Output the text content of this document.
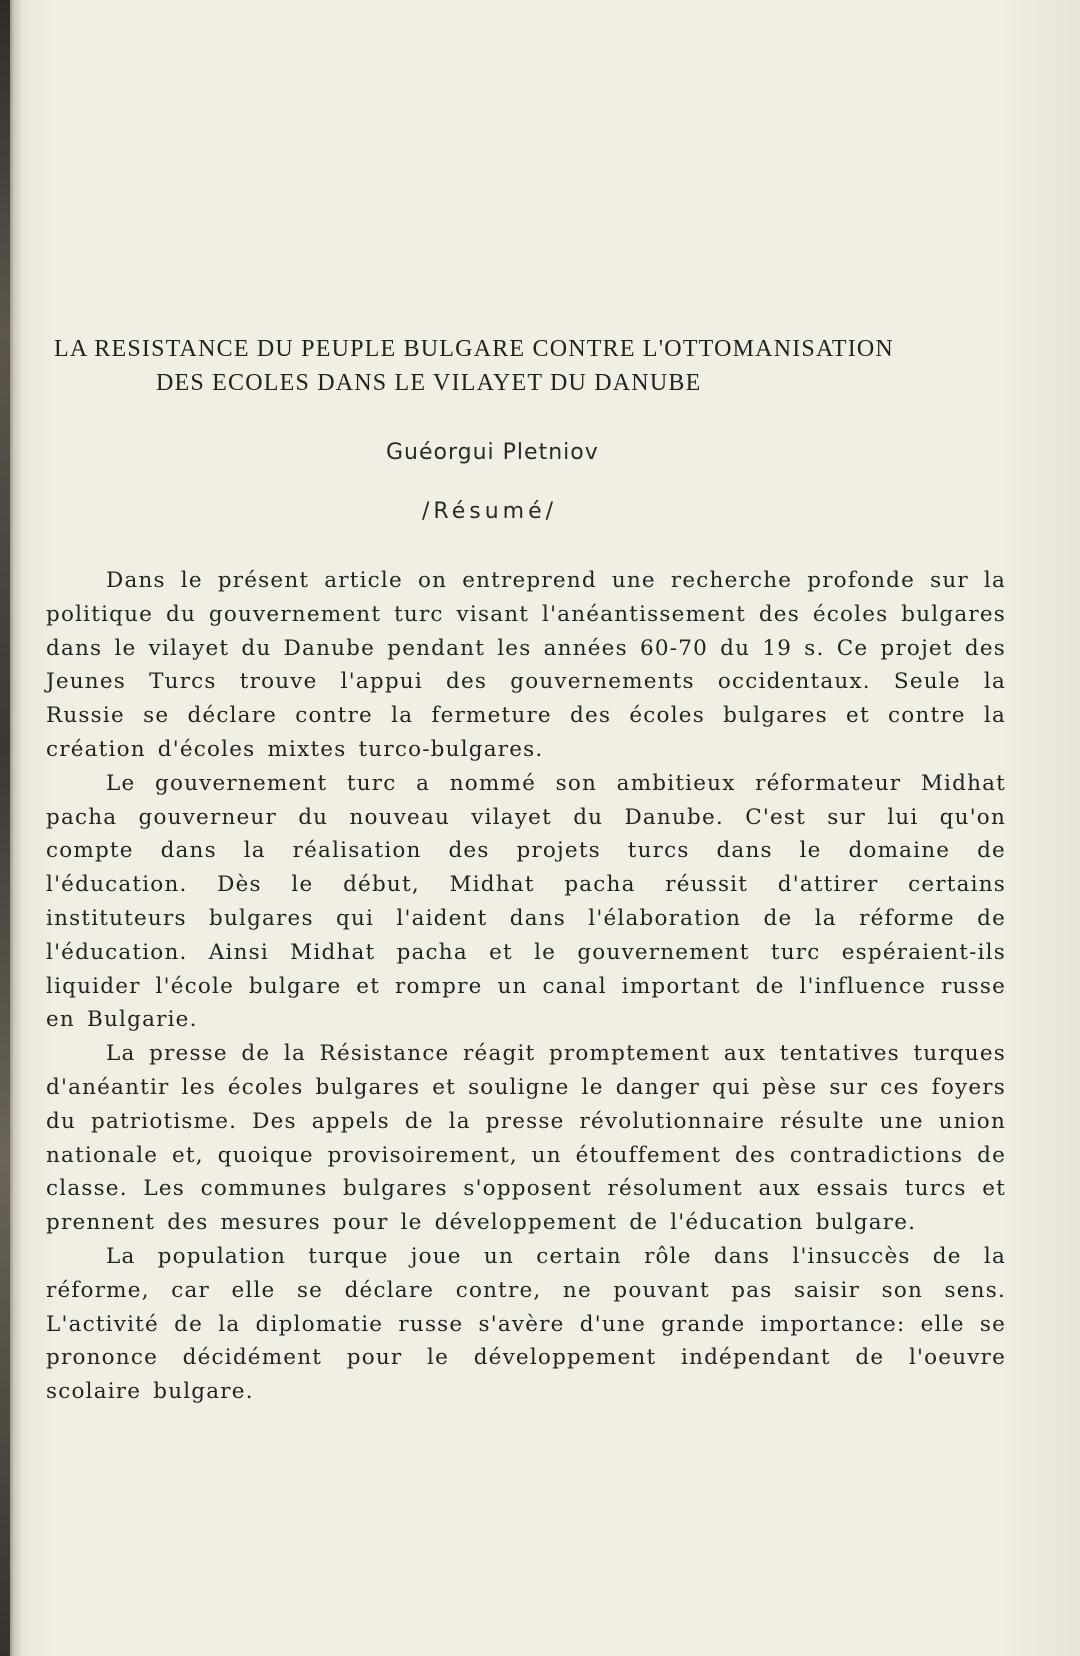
LA RESISTANCE DU PEUPLE BULGARE CONTRE L'OTTOMANISATION
DES ECOLES DANS LE VILAYET DU DANUBE

Guéorgui Pletniov

/Résumé/

Dans le présent article on entreprend une recherche profonde sur la politique du gouvernement turc visant l'anéantissement des écoles bulgares dans le vilayet du Danube pendant les années 60-70 du 19 s. Ce projet des Jeunes Turcs trouve l'appui des gouvernements occidentaux. Seule la Russie se déclare contre la fermeture des écoles bulgares et contre la création d'écoles mixtes turco-bulgares.

Le gouvernement turc a nommé son ambitieux réformateur Midhat pacha gouverneur du nouveau vilayet du Danube. C'est sur lui qu'on compte dans la réalisation des projets turcs dans le domaine de l'éducation. Dès le début, Midhat pacha réussit d'attirer certains instituteurs bulgares qui l'aident dans l'élaboration de la réforme de l'éducation. Ainsi Midhat pacha et le gouvernement turc espéraient-ils liquider l'école bulgare et rompre un canal important de l'influence russe en Bulgarie.

La presse de la Résistance réagit promptement aux tentatives turques d'anéantir les écoles bulgares et souligne le danger qui pèse sur ces foyers du patriotisme. Des appels de la presse révolutionnaire résulte une union nationale et, quoique provisoirement, un étouffement des contradictions de classe. Les communes bulgares s'opposent résolument aux essais turcs et prennent des mesures pour le développement de l'éducation bulgare.

La population turque joue un certain rôle dans l'insuccès de la réforme, car elle se déclare contre, ne pouvant pas saisir son sens. L'activité de la diplomatie russe s'avère d'une grande importance: elle se prononce décidément pour le développement indépendant de l'oeuvre scolaire bulgare.
